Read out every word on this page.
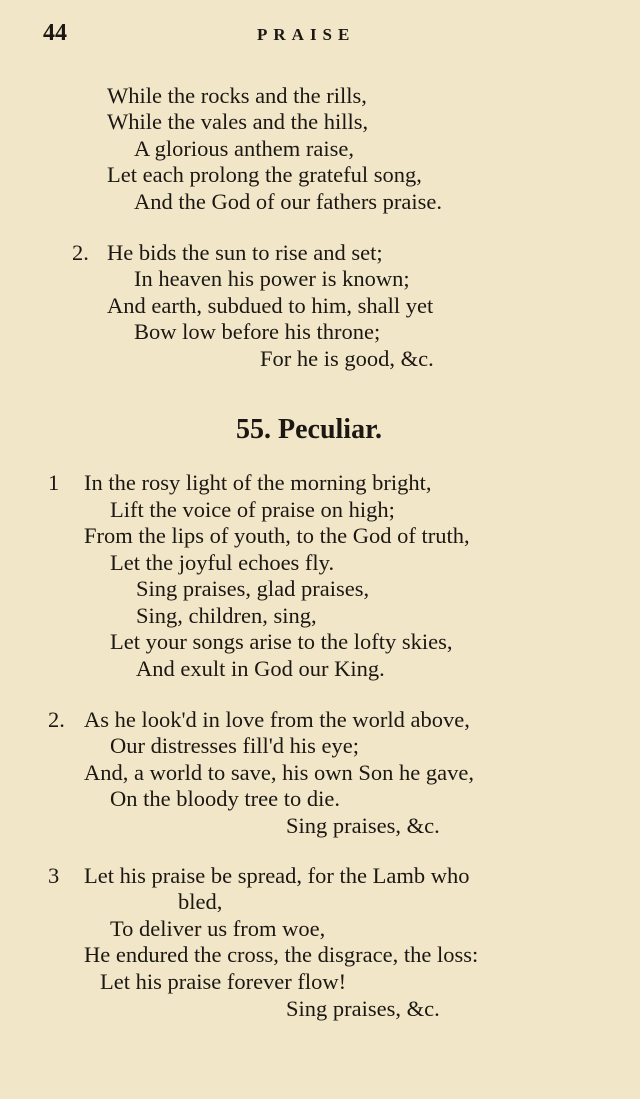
44	PRAISE
While the rocks and the rills,
While the vales and the hills,
A glorious anthem raise,
Let each prolong the grateful song,
And the God of our fathers praise.
2. He bids the sun to rise and set;
In heaven his power is known;
And earth, subdued to him, shall yet
Bow low before his throne;
For he is good, &c.
55. Peculiar.
1 In the rosy light of the morning bright,
Lift the voice of praise on high;
From the lips of youth, to the God of truth,
Let the joyful echoes fly.
Sing praises, glad praises,
Sing, children, sing,
Let your songs arise to the lofty skies,
And exult in God our King.
2. As he look'd in love from the world above,
Our distresses fill'd his eye;
And, a world to save, his own Son he gave,
On the bloody tree to die.
Sing praises, &c.
3 Let his praise be spread, for the Lamb who
bled,
To deliver us from woe,
He endured the cross, the disgrace, the loss:
Let his praise forever flow!
Sing praises, &c.
